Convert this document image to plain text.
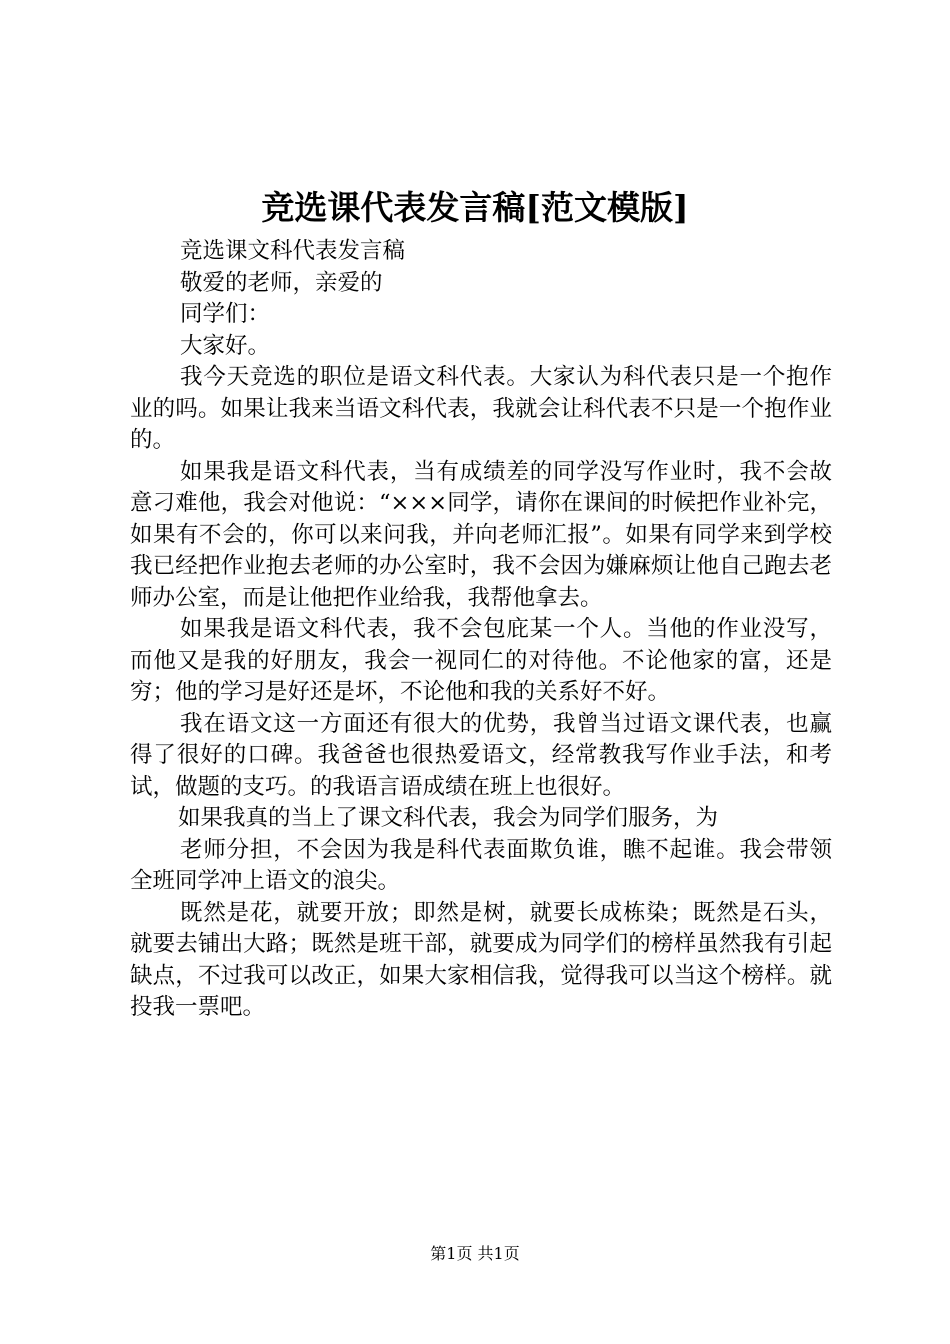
竞选课代表发言稿[范文模版]

竞选课文科代表发言稿

敬爱的老师，亲爱的

同学们：

大家好。

我今天竞选的职位是语文科代表。大家认为科代表只是一个抱作业的吗。如果让我来当语文科代表，我就会让科代表不只是一个抱作业的。

如果我是语文科代表，当有成绩差的同学没写作业时，我不会故意刁难他，我会对他说：“×××同学，请你在课间的时候把作业补完，如果有不会的，你可以来问我，并向老师汇报”。如果有同学来到学校我已经把作业抱去老师的办公室时，我不会因为嫌麻烦让他自己跑去老师办公室，而是让他把作业给我，我帮他拿去。

如果我是语文科代表，我不会包庇某一个人。当他的作业没写，而他又是我的好朋友，我会一视同仁的对待他。不论他家的富，还是穷；他的学习是好还是坏，不论他和我的关系好不好。

我在语文这一方面还有很大的优势，我曾当过语文课代表，也赢得了很好的口碑。我爸爸也很热爱语文，经常教我写作业手法，和考试，做题的支巧。的我语言语成绩在班上也很好。

如果我真的当上了课文科代表，我会为同学们服务，为

老师分担，不会因为我是科代表面欺负谁，瞧不起谁。我会带领全班同学冲上语文的浪尖。

既然是花，就要开放；即然是树，就要长成栋染；既然是石头，就要去铺出大路；既然是班干部，就要成为同学们的榜样虽然我有引起缺点，不过我可以改正，如果大家相信我，觉得我可以当这个榜样。就投我一票吧。

第1页 共1页
